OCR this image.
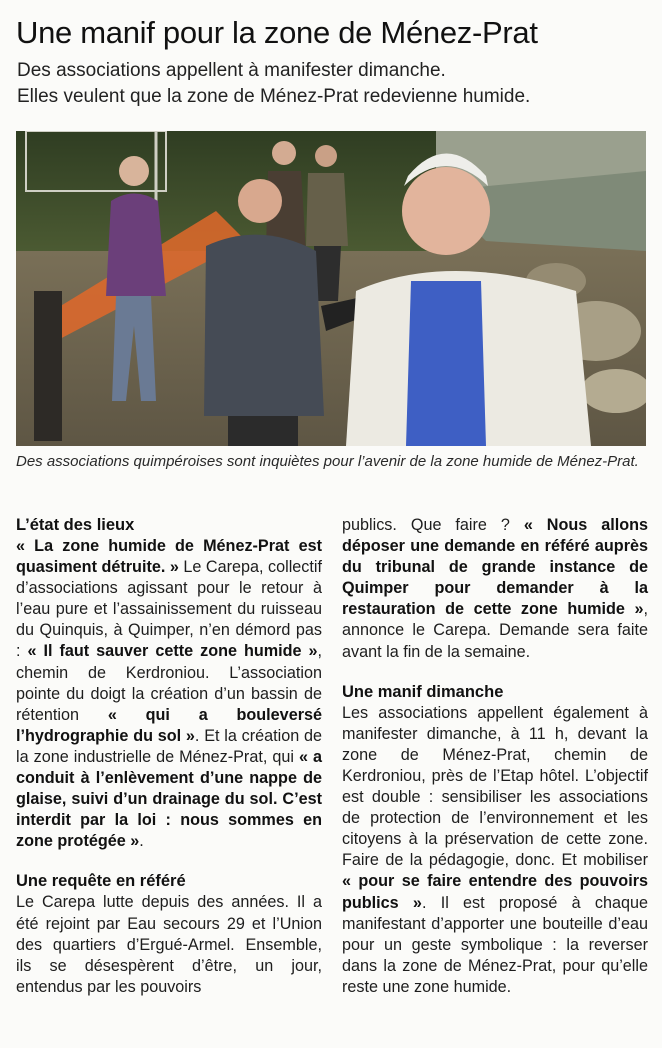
Une manif pour la zone de Ménez-Prat
Des associations appellent à manifester dimanche.
Elles veulent que la zone de Ménez-Prat redevienne humide.
Des associations quimpéroises sont inquiètes pour l’avenir de la zone humide de Ménez-Prat.
L’état des lieux

« La zone humide de Ménez-Prat est quasiment détruite. » Le Carepa, collectif d’associations agissant pour le retour à l’eau pure et l’assainissement du ruisseau du Quinquis, à Quimper, n’en démord pas : « Il faut sauver cette zone humide », chemin de Kerdroniou. L’association pointe du doigt la création d’un bassin de rétention « qui a bouleversé l’hydrographie du sol ». Et la création de la zone industrielle de Ménez-Prat, qui « a conduit à l’enlèvement d’une nappe de glaise, suivi d’un drainage du sol. C’est interdit par la loi : nous sommes en zone protégée ».

Une requête en référé

Le Carepa lutte depuis des années. Il a été rejoint par Eau secours 29 et l’Union des quartiers d’Ergué-Armel. Ensemble, ils se désespèrent d’être, un jour, entendus par les pouvoirs

publics. Que faire ? « Nous allons déposer une demande en référé auprès du tribunal de grande instance de Quimper pour demander à la restauration de cette zone humide », annonce le Carepa. Demande sera faite avant la fin de la semaine.

Une manif dimanche

Les associations appellent également à manifester dimanche, à 11 h, devant la zone de Ménez-Prat, chemin de Kerdroniou, près de l’Etap hôtel. L’objectif est double : sensibiliser les associations de protection de l’environnement et les citoyens à la préservation de cette zone. Faire de la pédagogie, donc. Et mobiliser « pour se faire entendre des pouvoirs publics ». Il est proposé à chaque manifestant d’apporter une bouteille d’eau pour un geste symbolique : la reverser dans la zone de Ménez-Prat, pour qu’elle reste une zone humide.
